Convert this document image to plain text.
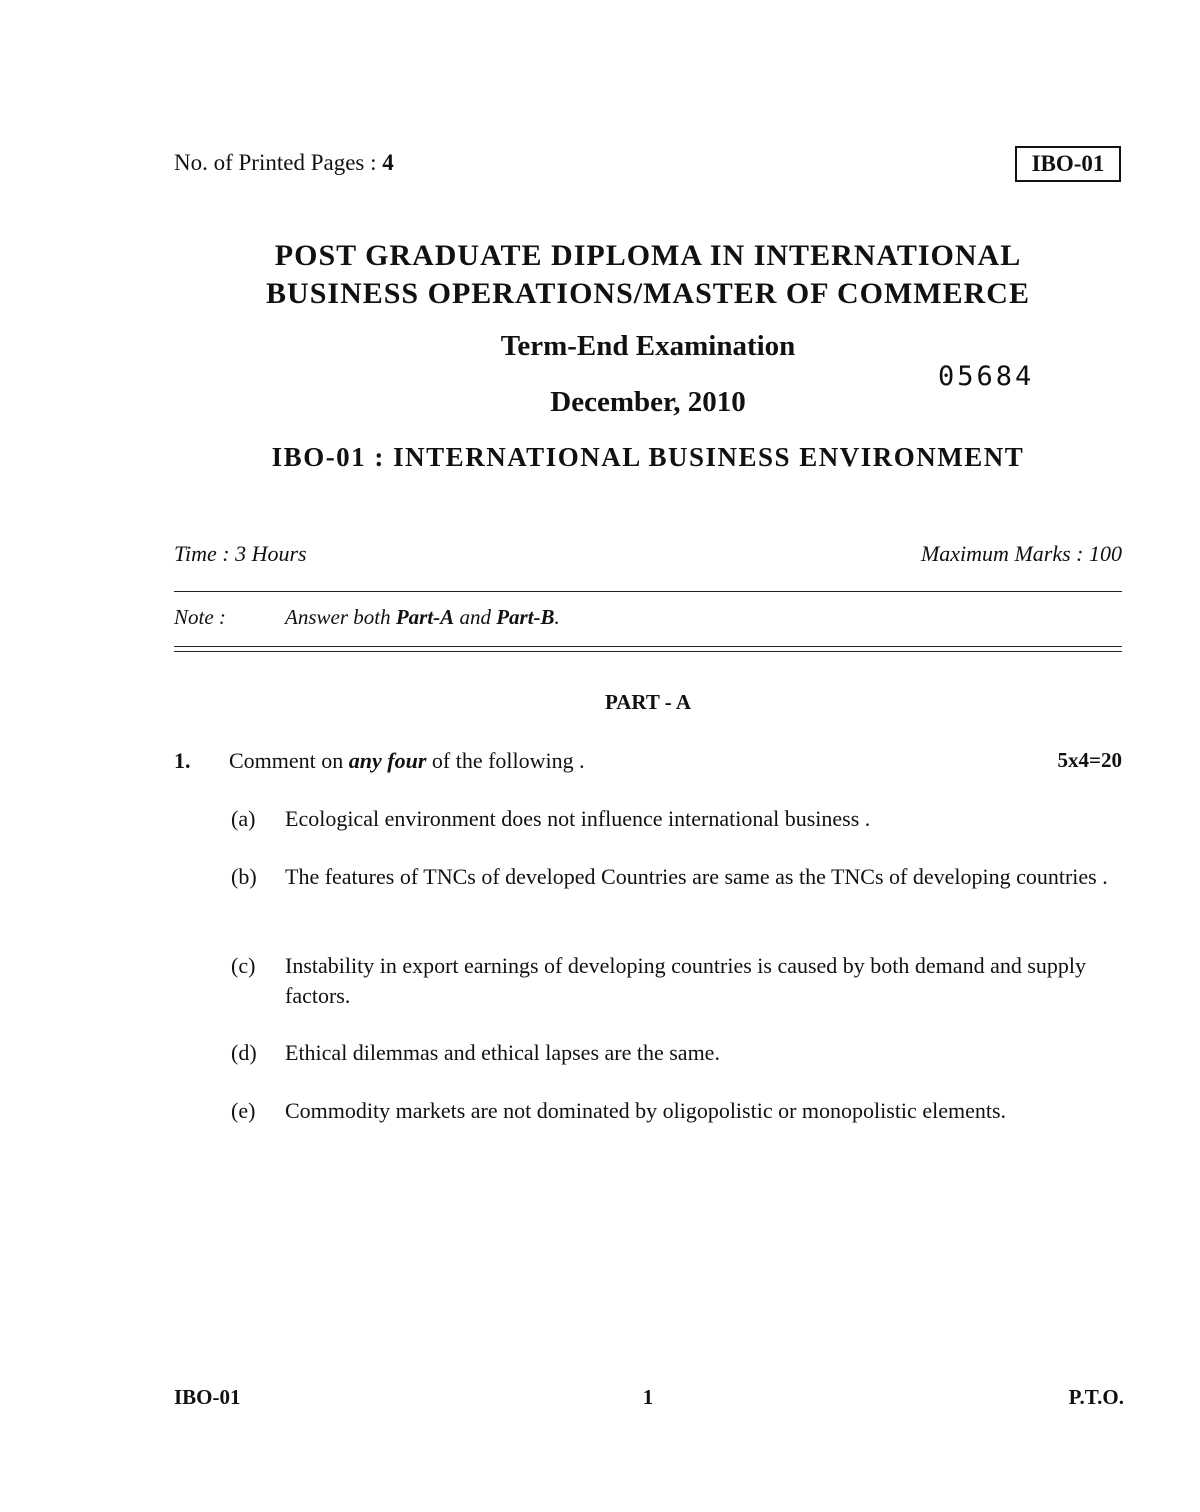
No. of Printed Pages : 4	IBO-01
POST GRADUATE DIPLOMA IN INTERNATIONAL
BUSINESS OPERATIONS/MASTER OF COMMERCE
Term-End Examination
05684
December, 2010
IBO-01 : INTERNATIONAL BUSINESS ENVIRONMENT
Time : 3 Hours	Maximum Marks : 100
Note :	Answer both Part-A and Part-B.
PART - A
1. Comment on any four of the following .	5x4=20
(a) Ecological environment does not influence international business .
(b) The features of TNCs of developed Countries are same as the TNCs of developing countries .
(c) Instability in export earnings of developing countries is caused by both demand and supply factors.
(d) Ethical dilemmas and ethical lapses are the same.
(e) Commodity markets are not dominated by oligopolistic or monopolistic elements.
IBO-01	1	P.T.O.
